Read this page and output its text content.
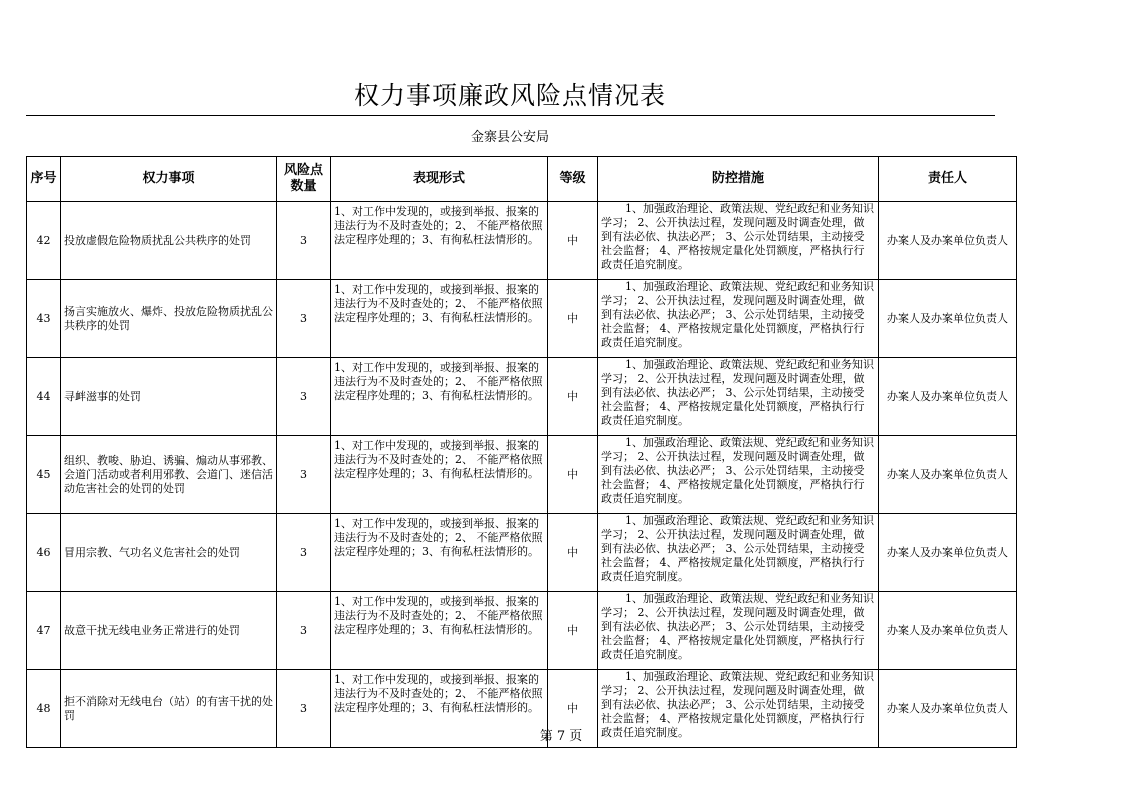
权力事项廉政风险点情况表
金寨县公安局
序号	权力事项	风险点数量	表现形式	等级	防控措施	责任人
42	投放虚假危险物质扰乱公共秩序的处罚	3	1、对工作中发现的，或接到举报、报案的违法行为不及时查处的；2、 不能严格依照法定程序处理的；3、有徇私枉法情形的。	中	1、加强政治理论、政策法规、党纪政纪和业务知识学习； 2、公开执法过程，发现问题及时调查处理，做到有法必依、执法必严； 3、公示处罚结果，主动接受社会监督； 4、严格按规定量化处罚额度，严格执行行政责任追究制度。	办案人及办案单位负责人
43	扬言实施放火、爆炸、投放危险物质扰乱公共秩序的处罚	3	1、对工作中发现的，或接到举报、报案的违法行为不及时查处的；2、 不能严格依照法定程序处理的；3、有徇私枉法情形的。	中	1、加强政治理论、政策法规、党纪政纪和业务知识学习； 2、公开执法过程，发现问题及时调查处理，做到有法必依、执法必严； 3、公示处罚结果，主动接受社会监督； 4、严格按规定量化处罚额度，严格执行行政责任追究制度。	办案人及办案单位负责人
44	寻衅滋事的处罚	3	1、对工作中发现的，或接到举报、报案的违法行为不及时查处的；2、 不能严格依照法定程序处理的；3、有徇私枉法情形的。	中	1、加强政治理论、政策法规、党纪政纪和业务知识学习； 2、公开执法过程，发现问题及时调查处理，做到有法必依、执法必严； 3、公示处罚结果，主动接受社会监督； 4、严格按规定量化处罚额度，严格执行行政责任追究制度。	办案人及办案单位负责人
45	组织、教唆、胁迫、诱骗、煽动从事邪教、会道门活动或者利用邪教、会道门、迷信活动危害社会的处罚的处罚	3	1、对工作中发现的，或接到举报、报案的违法行为不及时查处的；2、 不能严格依照法定程序处理的；3、有徇私枉法情形的。	中	1、加强政治理论、政策法规、党纪政纪和业务知识学习； 2、公开执法过程，发现问题及时调查处理，做到有法必依、执法必严； 3、公示处罚结果，主动接受社会监督； 4、严格按规定量化处罚额度，严格执行行政责任追究制度。	办案人及办案单位负责人
46	冒用宗教、气功名义危害社会的处罚	3	1、对工作中发现的，或接到举报、报案的违法行为不及时查处的；2、 不能严格依照法定程序处理的；3、有徇私枉法情形的。	中	1、加强政治理论、政策法规、党纪政纪和业务知识学习； 2、公开执法过程，发现问题及时调查处理，做到有法必依、执法必严； 3、公示处罚结果，主动接受社会监督； 4、严格按规定量化处罚额度，严格执行行政责任追究制度。	办案人及办案单位负责人
47	故意干扰无线电业务正常进行的处罚	3	1、对工作中发现的，或接到举报、报案的违法行为不及时查处的；2、 不能严格依照法定程序处理的；3、有徇私枉法情形的。	中	1、加强政治理论、政策法规、党纪政纪和业务知识学习； 2、公开执法过程，发现问题及时调查处理，做到有法必依、执法必严； 3、公示处罚结果，主动接受社会监督； 4、严格按规定量化处罚额度，严格执行行政责任追究制度。	办案人及办案单位负责人
48	拒不消除对无线电台（站）的有害干扰的处罚	3	1、对工作中发现的，或接到举报、报案的违法行为不及时查处的；2、 不能严格依照法定程序处理的；3、有徇私枉法情形的。	中	1、加强政治理论、政策法规、党纪政纪和业务知识学习； 2、公开执法过程，发现问题及时调查处理，做到有法必依、执法必严； 3、公示处罚结果，主动接受社会监督； 4、严格按规定量化处罚额度，严格执行行政责任追究制度。	办案人及办案单位负责人
第 7 页
